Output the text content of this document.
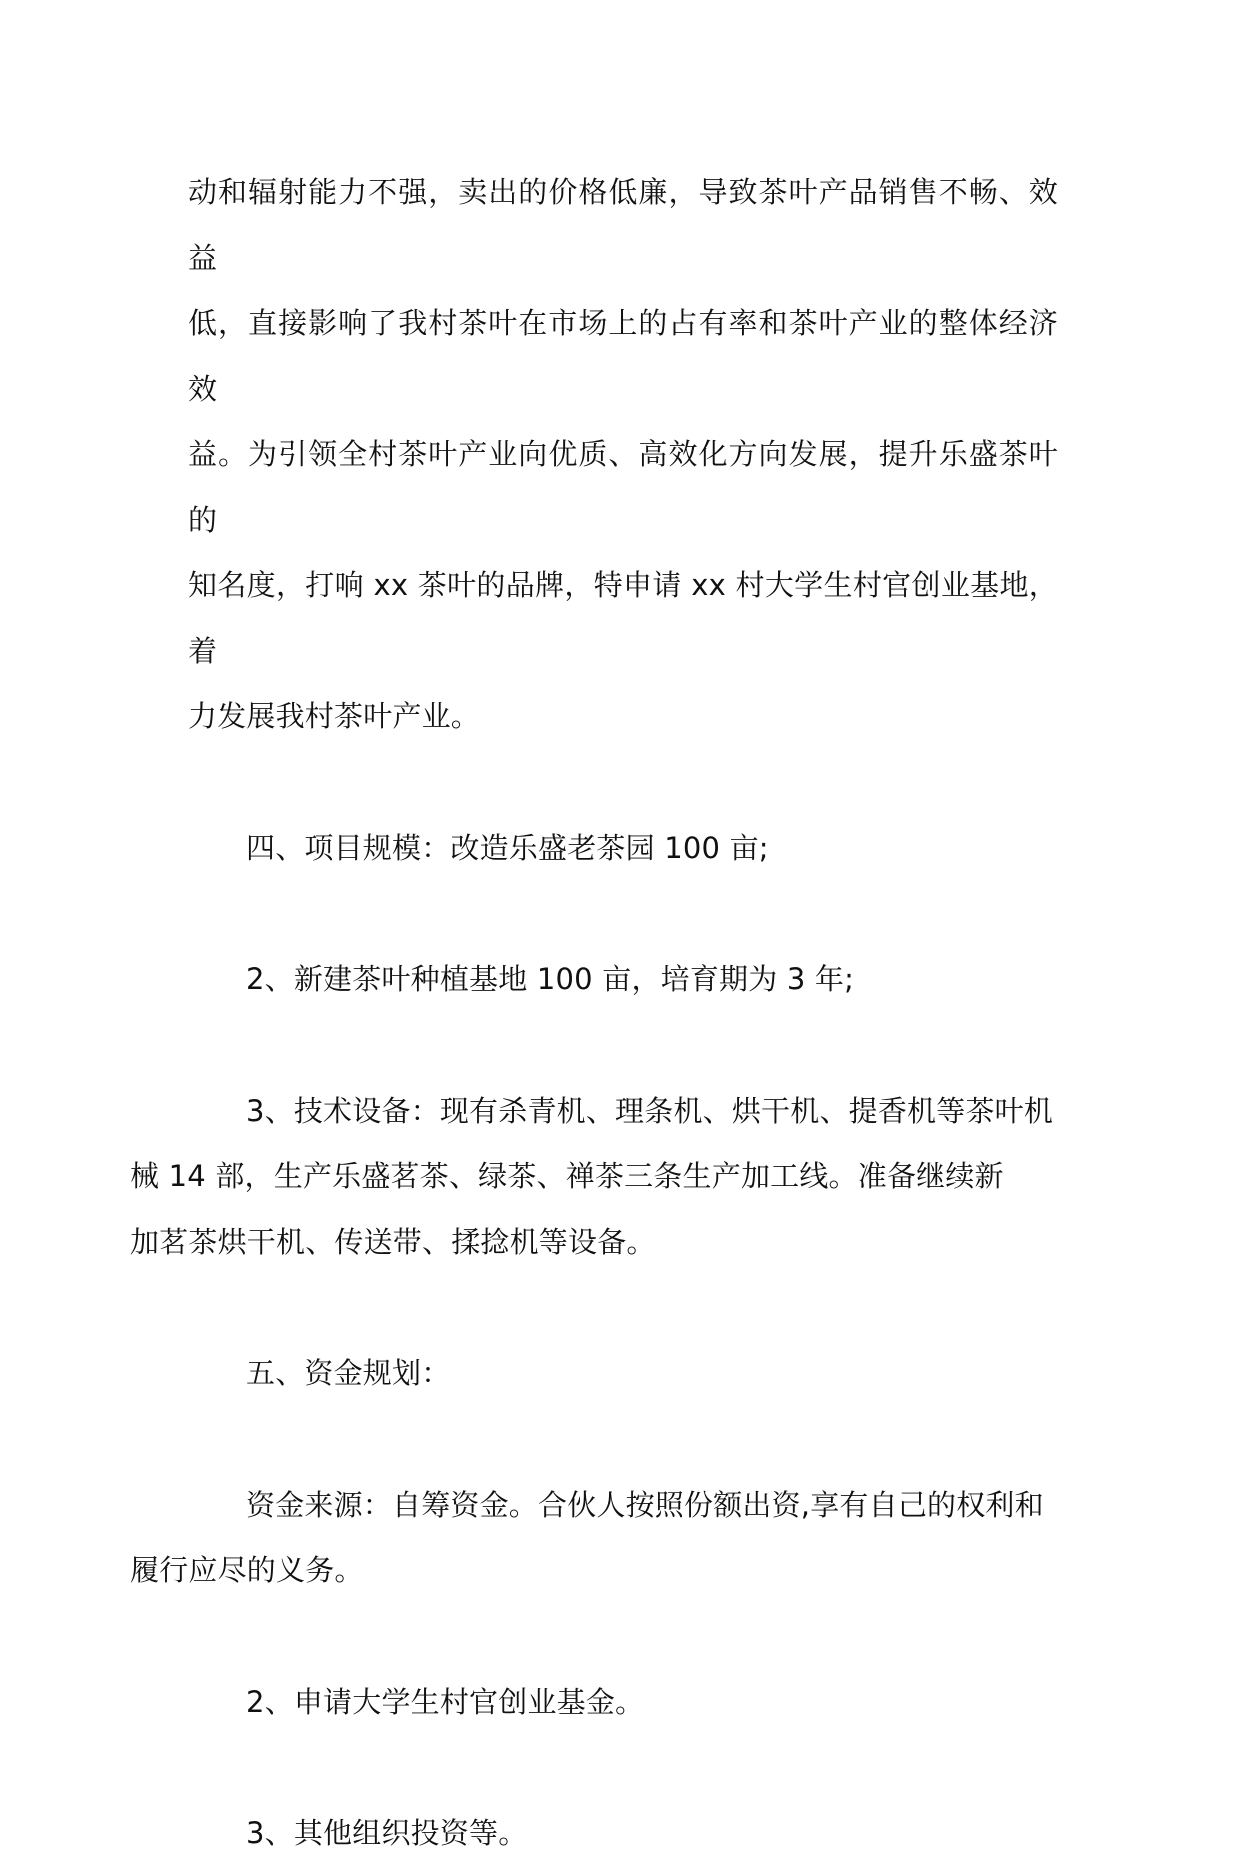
动和辐射能力不强，卖出的价格低廉，导致茶叶产品销售不畅、效益
低，直接影响了我村茶叶在市场上的占有率和茶叶产业的整体经济效
益。为引领全村茶叶产业向优质、高效化方向发展，提升乐盛茶叶的
知名度，打响 xx 茶叶的品牌，特申请 xx 村大学生村官创业基地，着
力发展我村茶叶产业。

四、项目规模：改造乐盛老茶园 100 亩;

2、新建茶叶种植基地 100 亩，培育期为 3 年;

3、技术设备：现有杀青机、理条机、烘干机、提香机等茶叶机
械 14 部，生产乐盛茗茶、绿茶、禅茶三条生产加工线。准备继续新
加茗茶烘干机、传送带、揉捻机等设备。

五、资金规划：

资金来源：自筹资金。合伙人按照份额出资,享有自己的权利和
履行应尽的义务。

2、申请大学生村官创业基金。

3、其他组织投资等。
